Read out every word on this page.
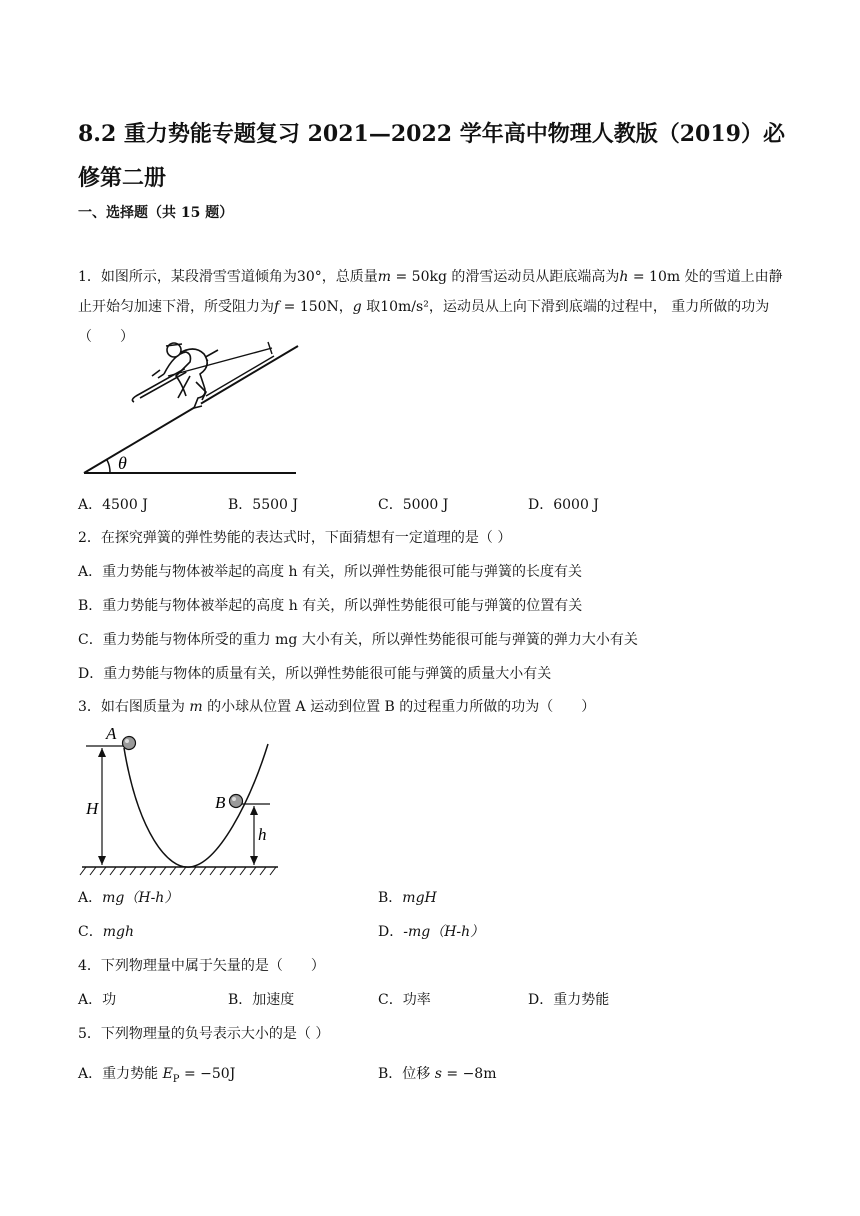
8.2 重力势能专题复习 2021—2022 学年高中物理人教版（2019）必修第二册
一、选择题（共 15 题）
1．如图所示，某段滑雪雪道倾角为30°，总质量m = 50kg 的滑雪运动员从距底端高为h = 10m 处的雪道上由静止开始匀加速下滑，所受阻力为f = 150N，g 取10m/s²，运动员从上向下滑到底端的过程中， 重力所做的功为（　　）
θ
A．4500 J	B．5500 J	C．5000 J	D．6000 J
2．在探究弹簧的弹性势能的表达式时，下面猜想有一定道理的是（ ）
A．重力势能与物体被举起的高度 h 有关，所以弹性势能很可能与弹簧的长度有关
B．重力势能与物体被举起的高度 h 有关，所以弹性势能很可能与弹簧的位置有关
C．重力势能与物体所受的重力 mg 大小有关，所以弹性势能很可能与弹簧的弹力大小有关
D．重力势能与物体的质量有关，所以弹性势能很可能与弹簧的质量大小有关
3．如右图质量为 m 的小球从位置 A 运动到位置 B 的过程重力所做的功为（　　）
H
A
B
h
A．mg（H-h）	B．mgH
C．mgh	D．-mg（H-h）
4．下列物理量中属于矢量的是（　　）
A．功	B．加速度	C．功率	D．重力势能
5．下列物理量的负号表示大小的是（ ）
A．重力势能 $E_P = -50J$	B．位移 s = −8m
